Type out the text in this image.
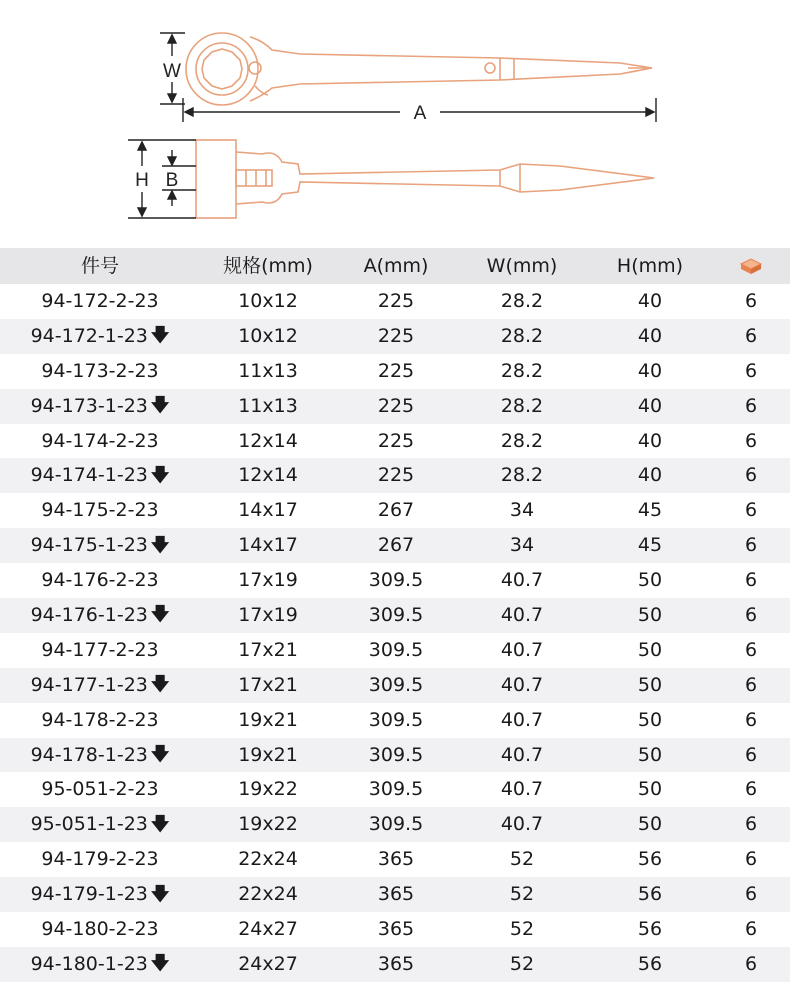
W
A
H B
件号	规格(mm)	A(mm)	W(mm)	H(mm)
94-172-2-23	10x12	225	28.2	40	6
94-172-1-23 🡇	10x12	225	28.2	40	6
94-173-2-23	11x13	225	28.2	40	6
94-173-1-23 🡇	11x13	225	28.2	40	6
94-174-2-23	12x14	225	28.2	40	6
94-174-1-23 🡇	12x14	225	28.2	40	6
94-175-2-23	14x17	267	34	45	6
94-175-1-23 🡇	14x17	267	34	45	6
94-176-2-23	17x19	309.5	40.7	50	6
94-176-1-23 🡇	17x19	309.5	40.7	50	6
94-177-2-23	17x21	309.5	40.7	50	6
94-177-1-23 🡇	17x21	309.5	40.7	50	6
94-178-2-23	19x21	309.5	40.7	50	6
94-178-1-23 🡇	19x21	309.5	40.7	50	6
95-051-2-23	19x22	309.5	40.7	50	6
95-051-1-23 🡇	19x22	309.5	40.7	50	6
94-179-2-23	22x24	365	52	56	6
94-179-1-23 🡇	22x24	365	52	56	6
94-180-2-23	24x27	365	52	56	6
94-180-1-23 🡇	24x27	365	52	56	6
